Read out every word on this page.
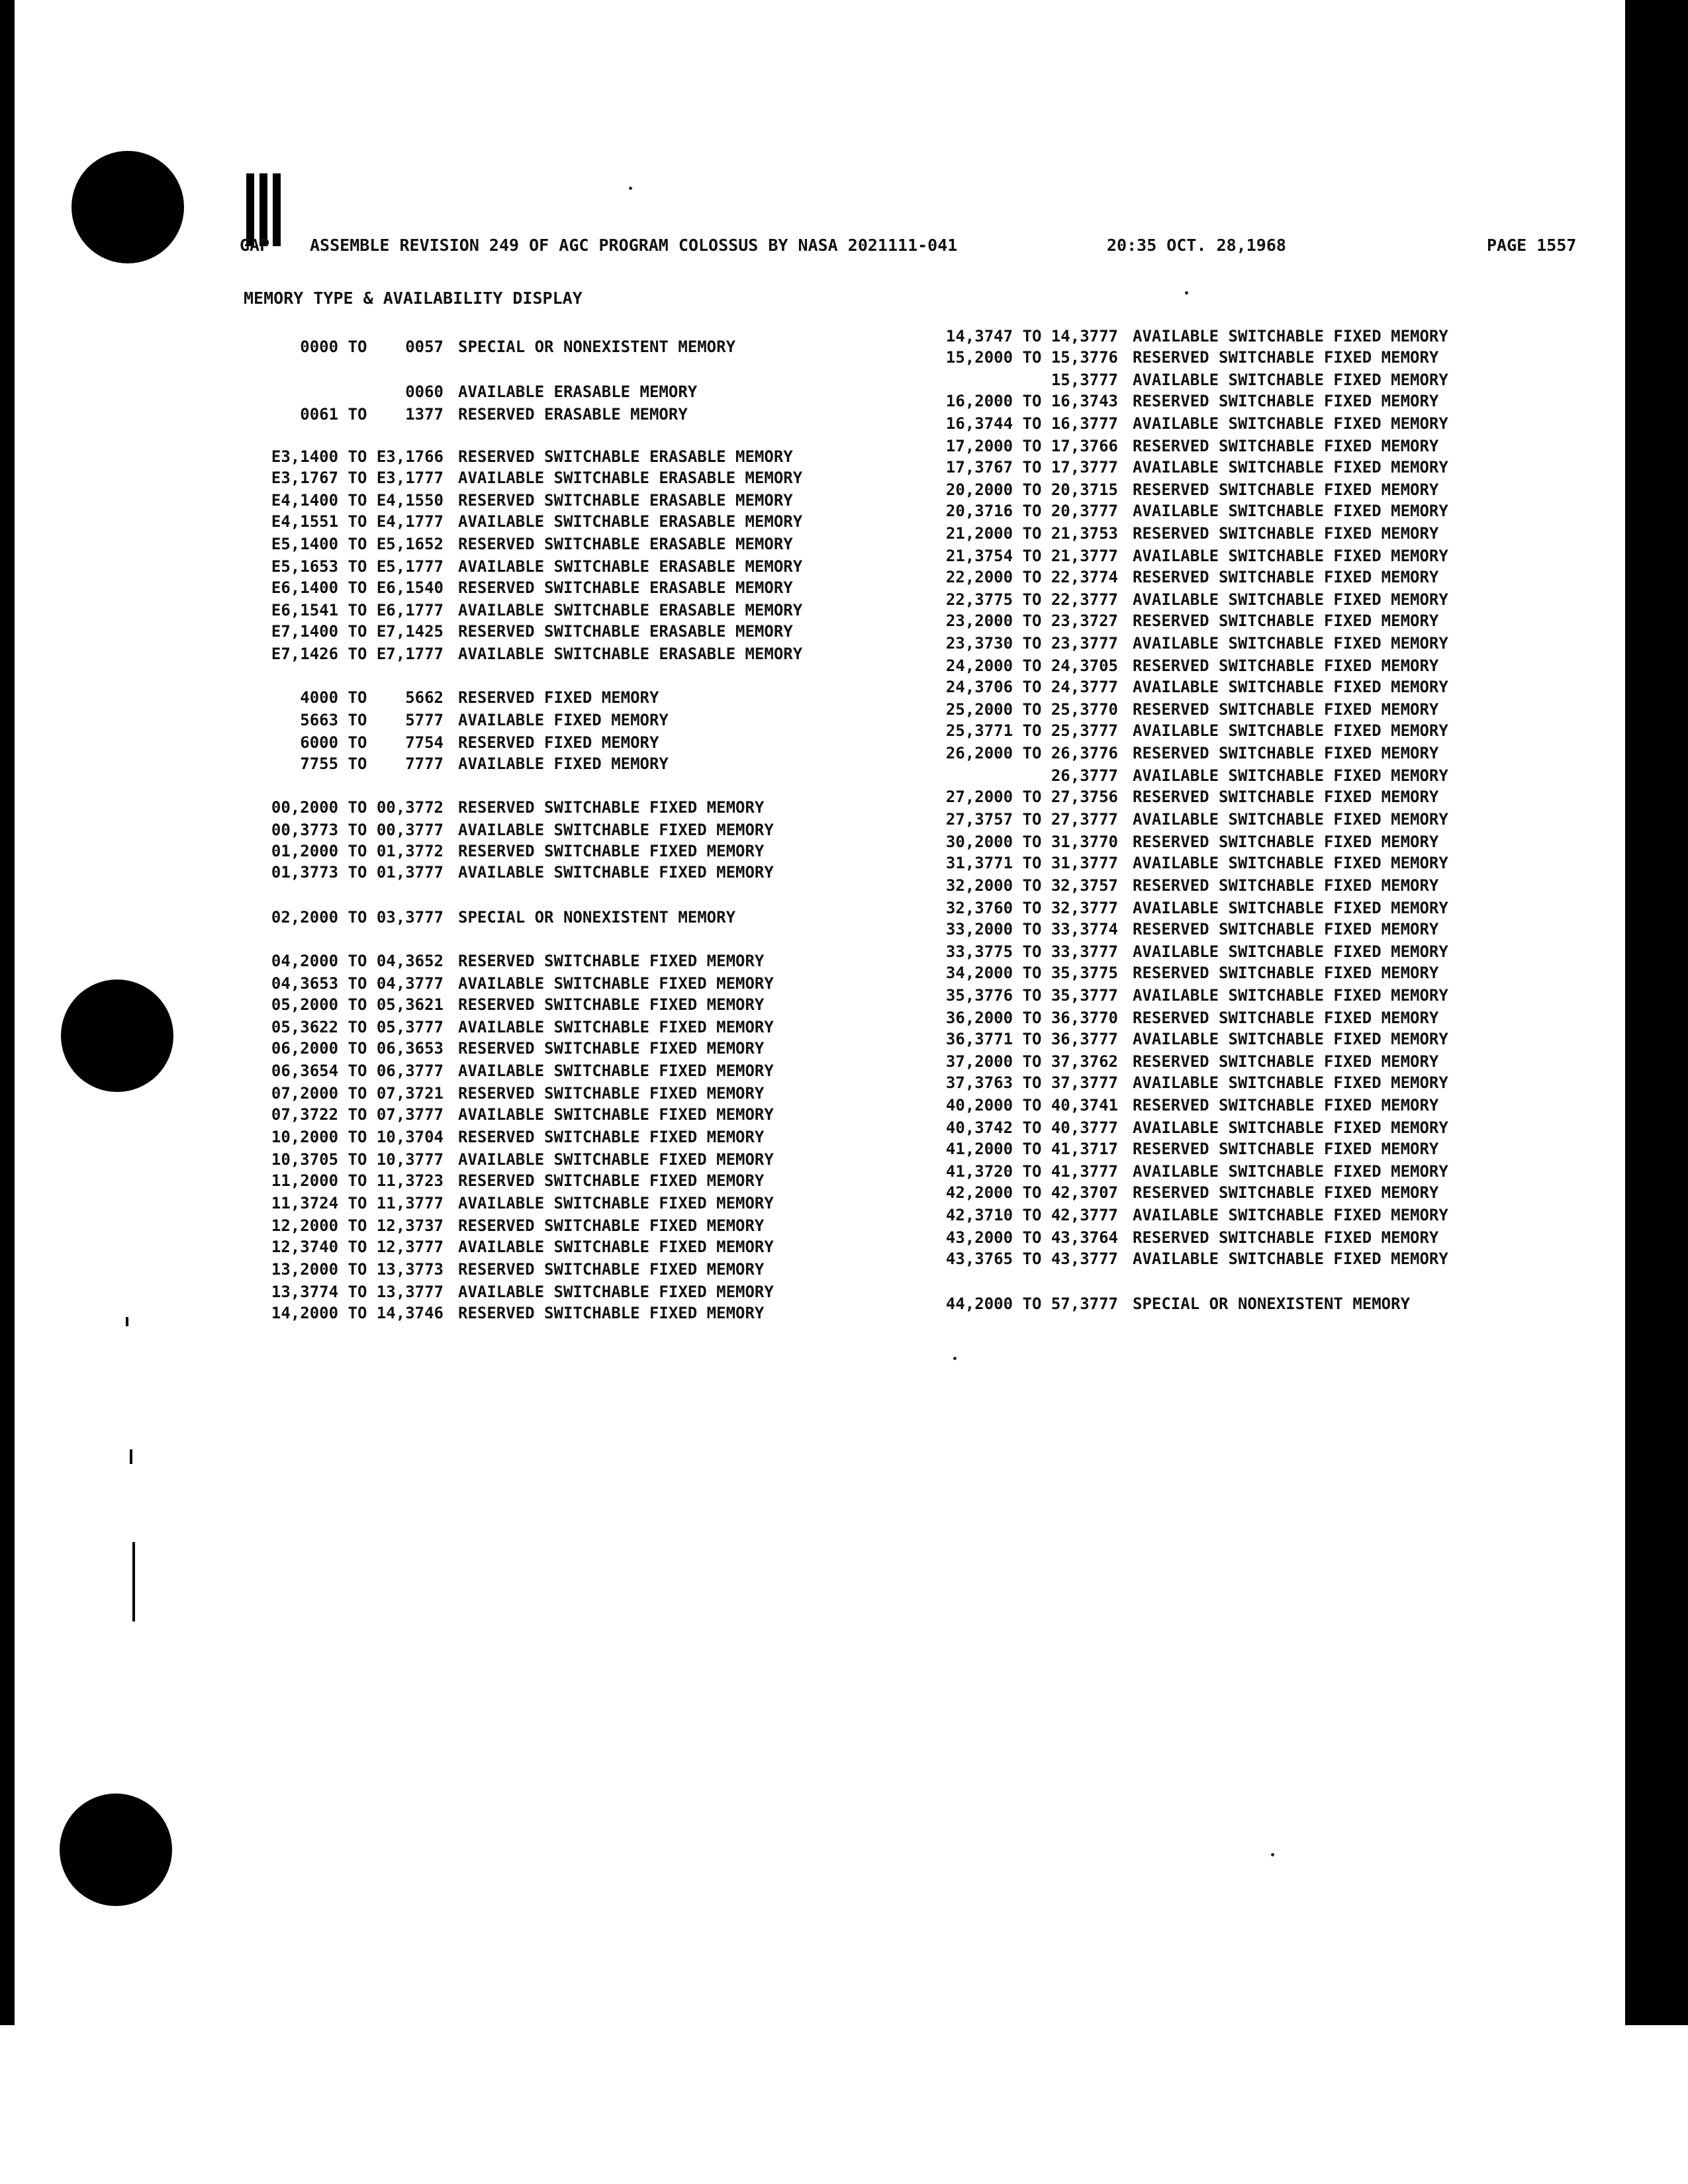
GAP ASSEMBLE REVISION 249 OF AGC PROGRAM COLOSSUS BY NASA 2021111-041	20:35 OCT. 28,1968	PAGE 1557
MEMORY TYPE & AVAILABILITY DISPLAY
0000 TO    0057 SPECIAL OR NONEXISTENT MEMORY
0060 AVAILABLE ERASABLE MEMORY
0061 TO    1377 RESERVED ERASABLE MEMORY
E3,1400 TO E3,1766 RESERVED SWITCHABLE ERASABLE MEMORY
E3,1767 TO E3,1777 AVAILABLE SWITCHABLE ERASABLE MEMORY
E4,1400 TO E4,1550 RESERVED SWITCHABLE ERASABLE MEMORY
E4,1551 TO E4,1777 AVAILABLE SWITCHABLE ERASABLE MEMORY
E5,1400 TO E5,1652 RESERVED SWITCHABLE ERASABLE MEMORY
E5,1653 TO E5,1777 AVAILABLE SWITCHABLE ERASABLE MEMORY
E6,1400 TO E6,1540 RESERVED SWITCHABLE ERASABLE MEMORY
E6,1541 TO E6,1777 AVAILABLE SWITCHABLE ERASABLE MEMORY
E7,1400 TO E7,1425 RESERVED SWITCHABLE ERASABLE MEMORY
E7,1426 TO E7,1777 AVAILABLE SWITCHABLE ERASABLE MEMORY
4000 TO    5662 RESERVED FIXED MEMORY
5663 TO    5777 AVAILABLE FIXED MEMORY
6000 TO    7754 RESERVED FIXED MEMORY
7755 TO    7777 AVAILABLE FIXED MEMORY
00,2000 TO 00,3772 RESERVED SWITCHABLE FIXED MEMORY
00,3773 TO 00,3777 AVAILABLE SWITCHABLE FIXED MEMORY
01,2000 TO 01,3772 RESERVED SWITCHABLE FIXED MEMORY
01,3773 TO 01,3777 AVAILABLE SWITCHABLE FIXED MEMORY
02,2000 TO 03,3777 SPECIAL OR NONEXISTENT MEMORY
04,2000 TO 04,3652 RESERVED SWITCHABLE FIXED MEMORY
04,3653 TO 04,3777 AVAILABLE SWITCHABLE FIXED MEMORY
05,2000 TO 05,3621 RESERVED SWITCHABLE FIXED MEMORY
05,3622 TO 05,3777 AVAILABLE SWITCHABLE FIXED MEMORY
06,2000 TO 06,3653 RESERVED SWITCHABLE FIXED MEMORY
06,3654 TO 06,3777 AVAILABLE SWITCHABLE FIXED MEMORY
07,2000 TO 07,3721 RESERVED SWITCHABLE FIXED MEMORY
07,3722 TO 07,3777 AVAILABLE SWITCHABLE FIXED MEMORY
10,2000 TO 10,3704 RESERVED SWITCHABLE FIXED MEMORY
10,3705 TO 10,3777 AVAILABLE SWITCHABLE FIXED MEMORY
11,2000 TO 11,3723 RESERVED SWITCHABLE FIXED MEMORY
11,3724 TO 11,3777 AVAILABLE SWITCHABLE FIXED MEMORY
12,2000 TO 12,3737 RESERVED SWITCHABLE FIXED MEMORY
12,3740 TO 12,3777 AVAILABLE SWITCHABLE FIXED MEMORY
13,2000 TO 13,3773 RESERVED SWITCHABLE FIXED MEMORY
13,3774 TO 13,3777 AVAILABLE SWITCHABLE FIXED MEMORY
14,2000 TO 14,3746 RESERVED SWITCHABLE FIXED MEMORY
14,3747 TO 14,3777 AVAILABLE SWITCHABLE FIXED MEMORY
15,2000 TO 15,3776 RESERVED SWITCHABLE FIXED MEMORY
15,3777 AVAILABLE SWITCHABLE FIXED MEMORY
16,2000 TO 16,3743 RESERVED SWITCHABLE FIXED MEMORY
16,3744 TO 16,3777 AVAILABLE SWITCHABLE FIXED MEMORY
17,2000 TO 17,3766 RESERVED SWITCHABLE FIXED MEMORY
17,3767 TO 17,3777 AVAILABLE SWITCHABLE FIXED MEMORY
20,2000 TO 20,3715 RESERVED SWITCHABLE FIXED MEMORY
20,3716 TO 20,3777 AVAILABLE SWITCHABLE FIXED MEMORY
21,2000 TO 21,3753 RESERVED SWITCHABLE FIXED MEMORY
21,3754 TO 21,3777 AVAILABLE SWITCHABLE FIXED MEMORY
22,2000 TO 22,3774 RESERVED SWITCHABLE FIXED MEMORY
22,3775 TO 22,3777 AVAILABLE SWITCHABLE FIXED MEMORY
23,2000 TO 23,3727 RESERVED SWITCHABLE FIXED MEMORY
23,3730 TO 23,3777 AVAILABLE SWITCHABLE FIXED MEMORY
24,2000 TO 24,3705 RESERVED SWITCHABLE FIXED MEMORY
24,3706 TO 24,3777 AVAILABLE SWITCHABLE FIXED MEMORY
25,2000 TO 25,3770 RESERVED SWITCHABLE FIXED MEMORY
25,3771 TO 25,3777 AVAILABLE SWITCHABLE FIXED MEMORY
26,2000 TO 26,3776 RESERVED SWITCHABLE FIXED MEMORY
26,3777 AVAILABLE SWITCHABLE FIXED MEMORY
27,2000 TO 27,3756 RESERVED SWITCHABLE FIXED MEMORY
27,3757 TO 27,3777 AVAILABLE SWITCHABLE FIXED MEMORY
30,2000 TO 31,3770 RESERVED SWITCHABLE FIXED MEMORY
31,3771 TO 31,3777 AVAILABLE SWITCHABLE FIXED MEMORY
32,2000 TO 32,3757 RESERVED SWITCHABLE FIXED MEMORY
32,3760 TO 32,3777 AVAILABLE SWITCHABLE FIXED MEMORY
33,2000 TO 33,3774 RESERVED SWITCHABLE FIXED MEMORY
33,3775 TO 33,3777 AVAILABLE SWITCHABLE FIXED MEMORY
34,2000 TO 35,3775 RESERVED SWITCHABLE FIXED MEMORY
35,3776 TO 35,3777 AVAILABLE SWITCHABLE FIXED MEMORY
36,2000 TO 36,3770 RESERVED SWITCHABLE FIXED MEMORY
36,3771 TO 36,3777 AVAILABLE SWITCHABLE FIXED MEMORY
37,2000 TO 37,3762 RESERVED SWITCHABLE FIXED MEMORY
37,3763 TO 37,3777 AVAILABLE SWITCHABLE FIXED MEMORY
40,2000 TO 40,3741 RESERVED SWITCHABLE FIXED MEMORY
40,3742 TO 40,3777 AVAILABLE SWITCHABLE FIXED MEMORY
41,2000 TO 41,3717 RESERVED SWITCHABLE FIXED MEMORY
41,3720 TO 41,3777 AVAILABLE SWITCHABLE FIXED MEMORY
42,2000 TO 42,3707 RESERVED SWITCHABLE FIXED MEMORY
42,3710 TO 42,3777 AVAILABLE SWITCHABLE FIXED MEMORY
43,2000 TO 43,3764 RESERVED SWITCHABLE FIXED MEMORY
43,3765 TO 43,3777 AVAILABLE SWITCHABLE FIXED MEMORY
44,2000 TO 57,3777 SPECIAL OR NONEXISTENT MEMORY
